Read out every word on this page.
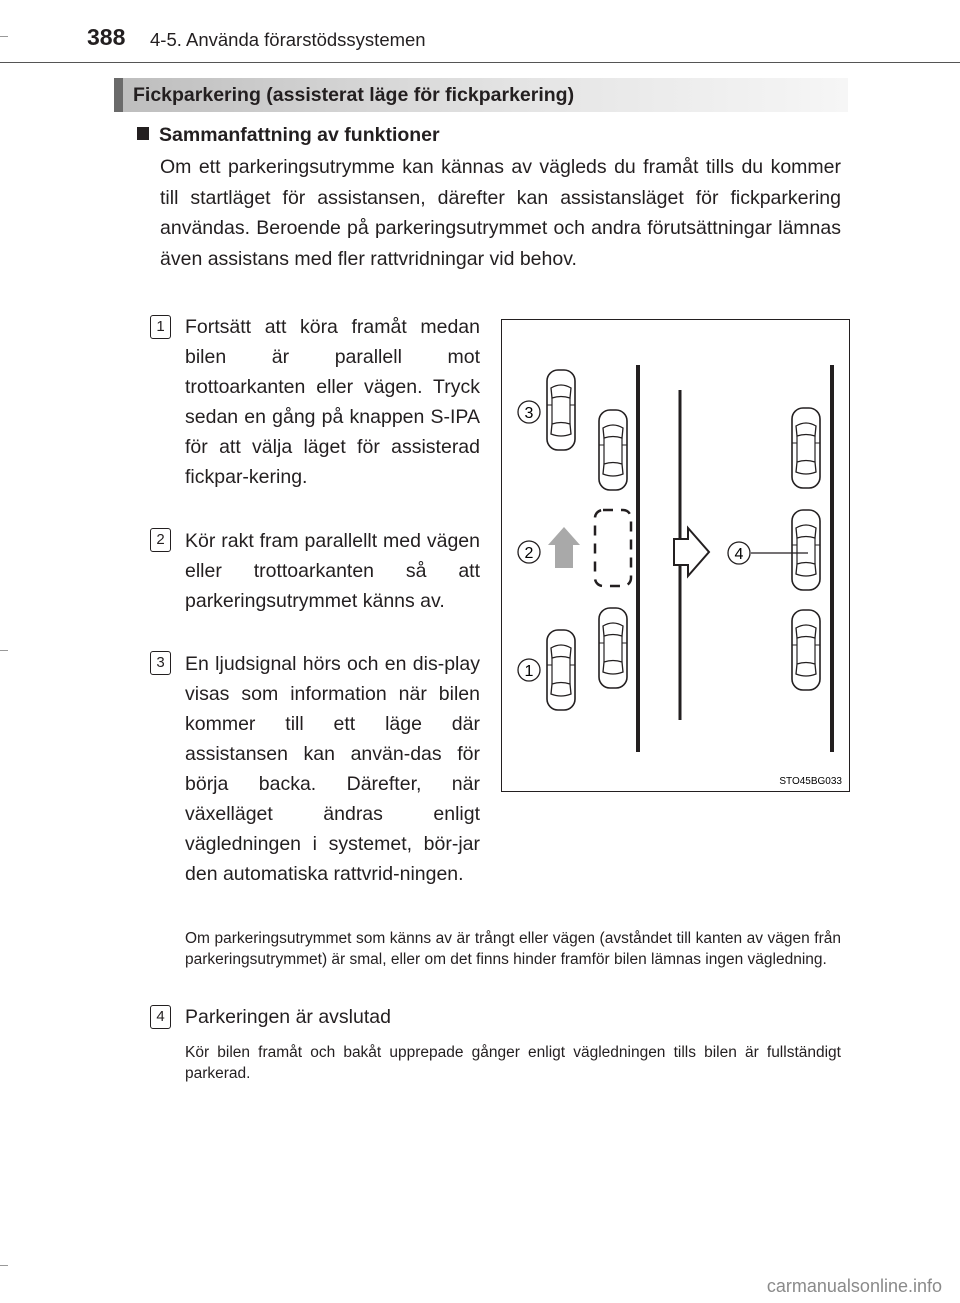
388 4-5. Använda förarstödssystemen
Fickparkering (assisterat läge för fickparkering)
Sammanfattning av funktioner
Om ett parkeringsutrymme kan kännas av vägleds du framåt tills du kommer till startläget för assistansen, därefter kan assistansläget för fickparkering användas. Beroende på parkeringsutrymmet och andra förutsättningar lämnas även assistans med fler rattvridningar vid behov.
1	Fortsätt att köra framåt medan bilen är parallell mot trottoarkanten eller vägen. Tryck sedan en gång på knappen S-IPA för att välja läget för assisterad fickpar-kering.
2	Kör rakt fram parallellt med vägen eller trottoarkanten så att parkeringsutrymmet känns av.
3	En ljudsignal hörs och en dis-play visas som information när bilen kommer till ett läge där assistansen kan använ-das för börja backa. Därefter, när växelläget ändras enligt vägledningen i systemet, bör-jar den automatiska rattvrid-ningen.
Om parkeringsutrymmet som känns av är trångt eller vägen (avståndet till kanten av vägen från parkeringsutrymmet) är smal, eller om det finns hinder framför bilen lämnas ingen vägledning.
4	Parkeringen är avslutad
Kör bilen framåt och bakåt upprepade gånger enligt vägledningen tills bilen är fullständigt parkerad.
3
2
1
4
STO45BG033
carmanualsonline.info
